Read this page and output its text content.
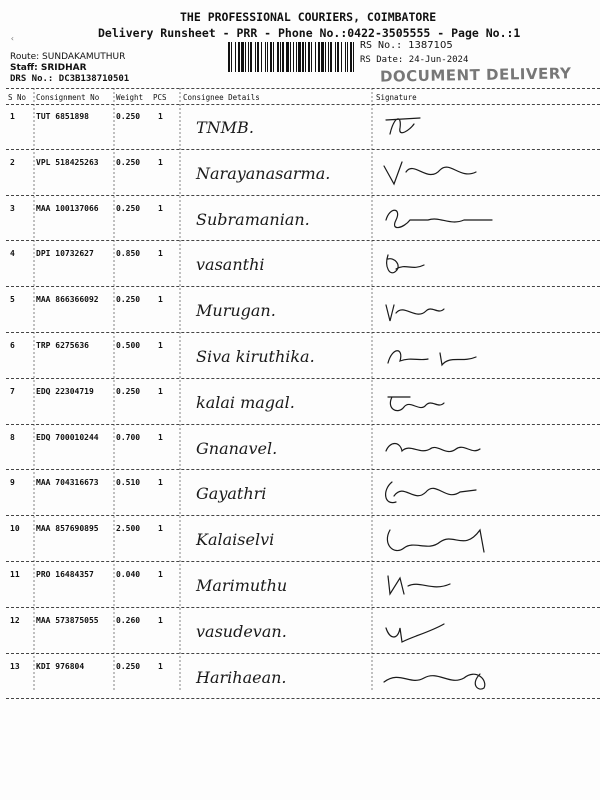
‹
THE PROFESSIONAL COURIERS, COIMBATORE
Delivery Runsheet - PRR - Phone No.:0422-3505555 - Page No.:1
Route: SUNDAKAMUTHUR
Staff: SRIDHAR
DRS No.: DC3B138710501
RS No.: 1387105
RS Date: 24-Jun-2024
DOCUMENT DELIVERY
S No Consignment No Weight PCS Consignee Details	Signature
1	TUT 6851898	0.250 1
TNMB.
2	VPL 518425263 0.250 1
Narayanasarma.
3	MAA 100137066 0.250 1
Subramanian.
4	DPI 10732627	0.850 1
vasanthi
5	MAA 866366092 0.250 1
Murugan.
6	TRP 6275636	0.500 1
Siva kiruthika.
7	EDQ 22304719	0.250 1
kalai magal.
8	EDQ 700010244 0.700 1
Gnanavel.
9	MAA 704316673 0.510 1
Gayathri
10 MAA 857690895 2.500 1
Kalaiselvi
11 PRO 16484357	0.040 1
Marimuthu
12 MAA 573875055 0.260 1
vasudevan.
13 KDI 976804	0.250 1
Harihaean.
